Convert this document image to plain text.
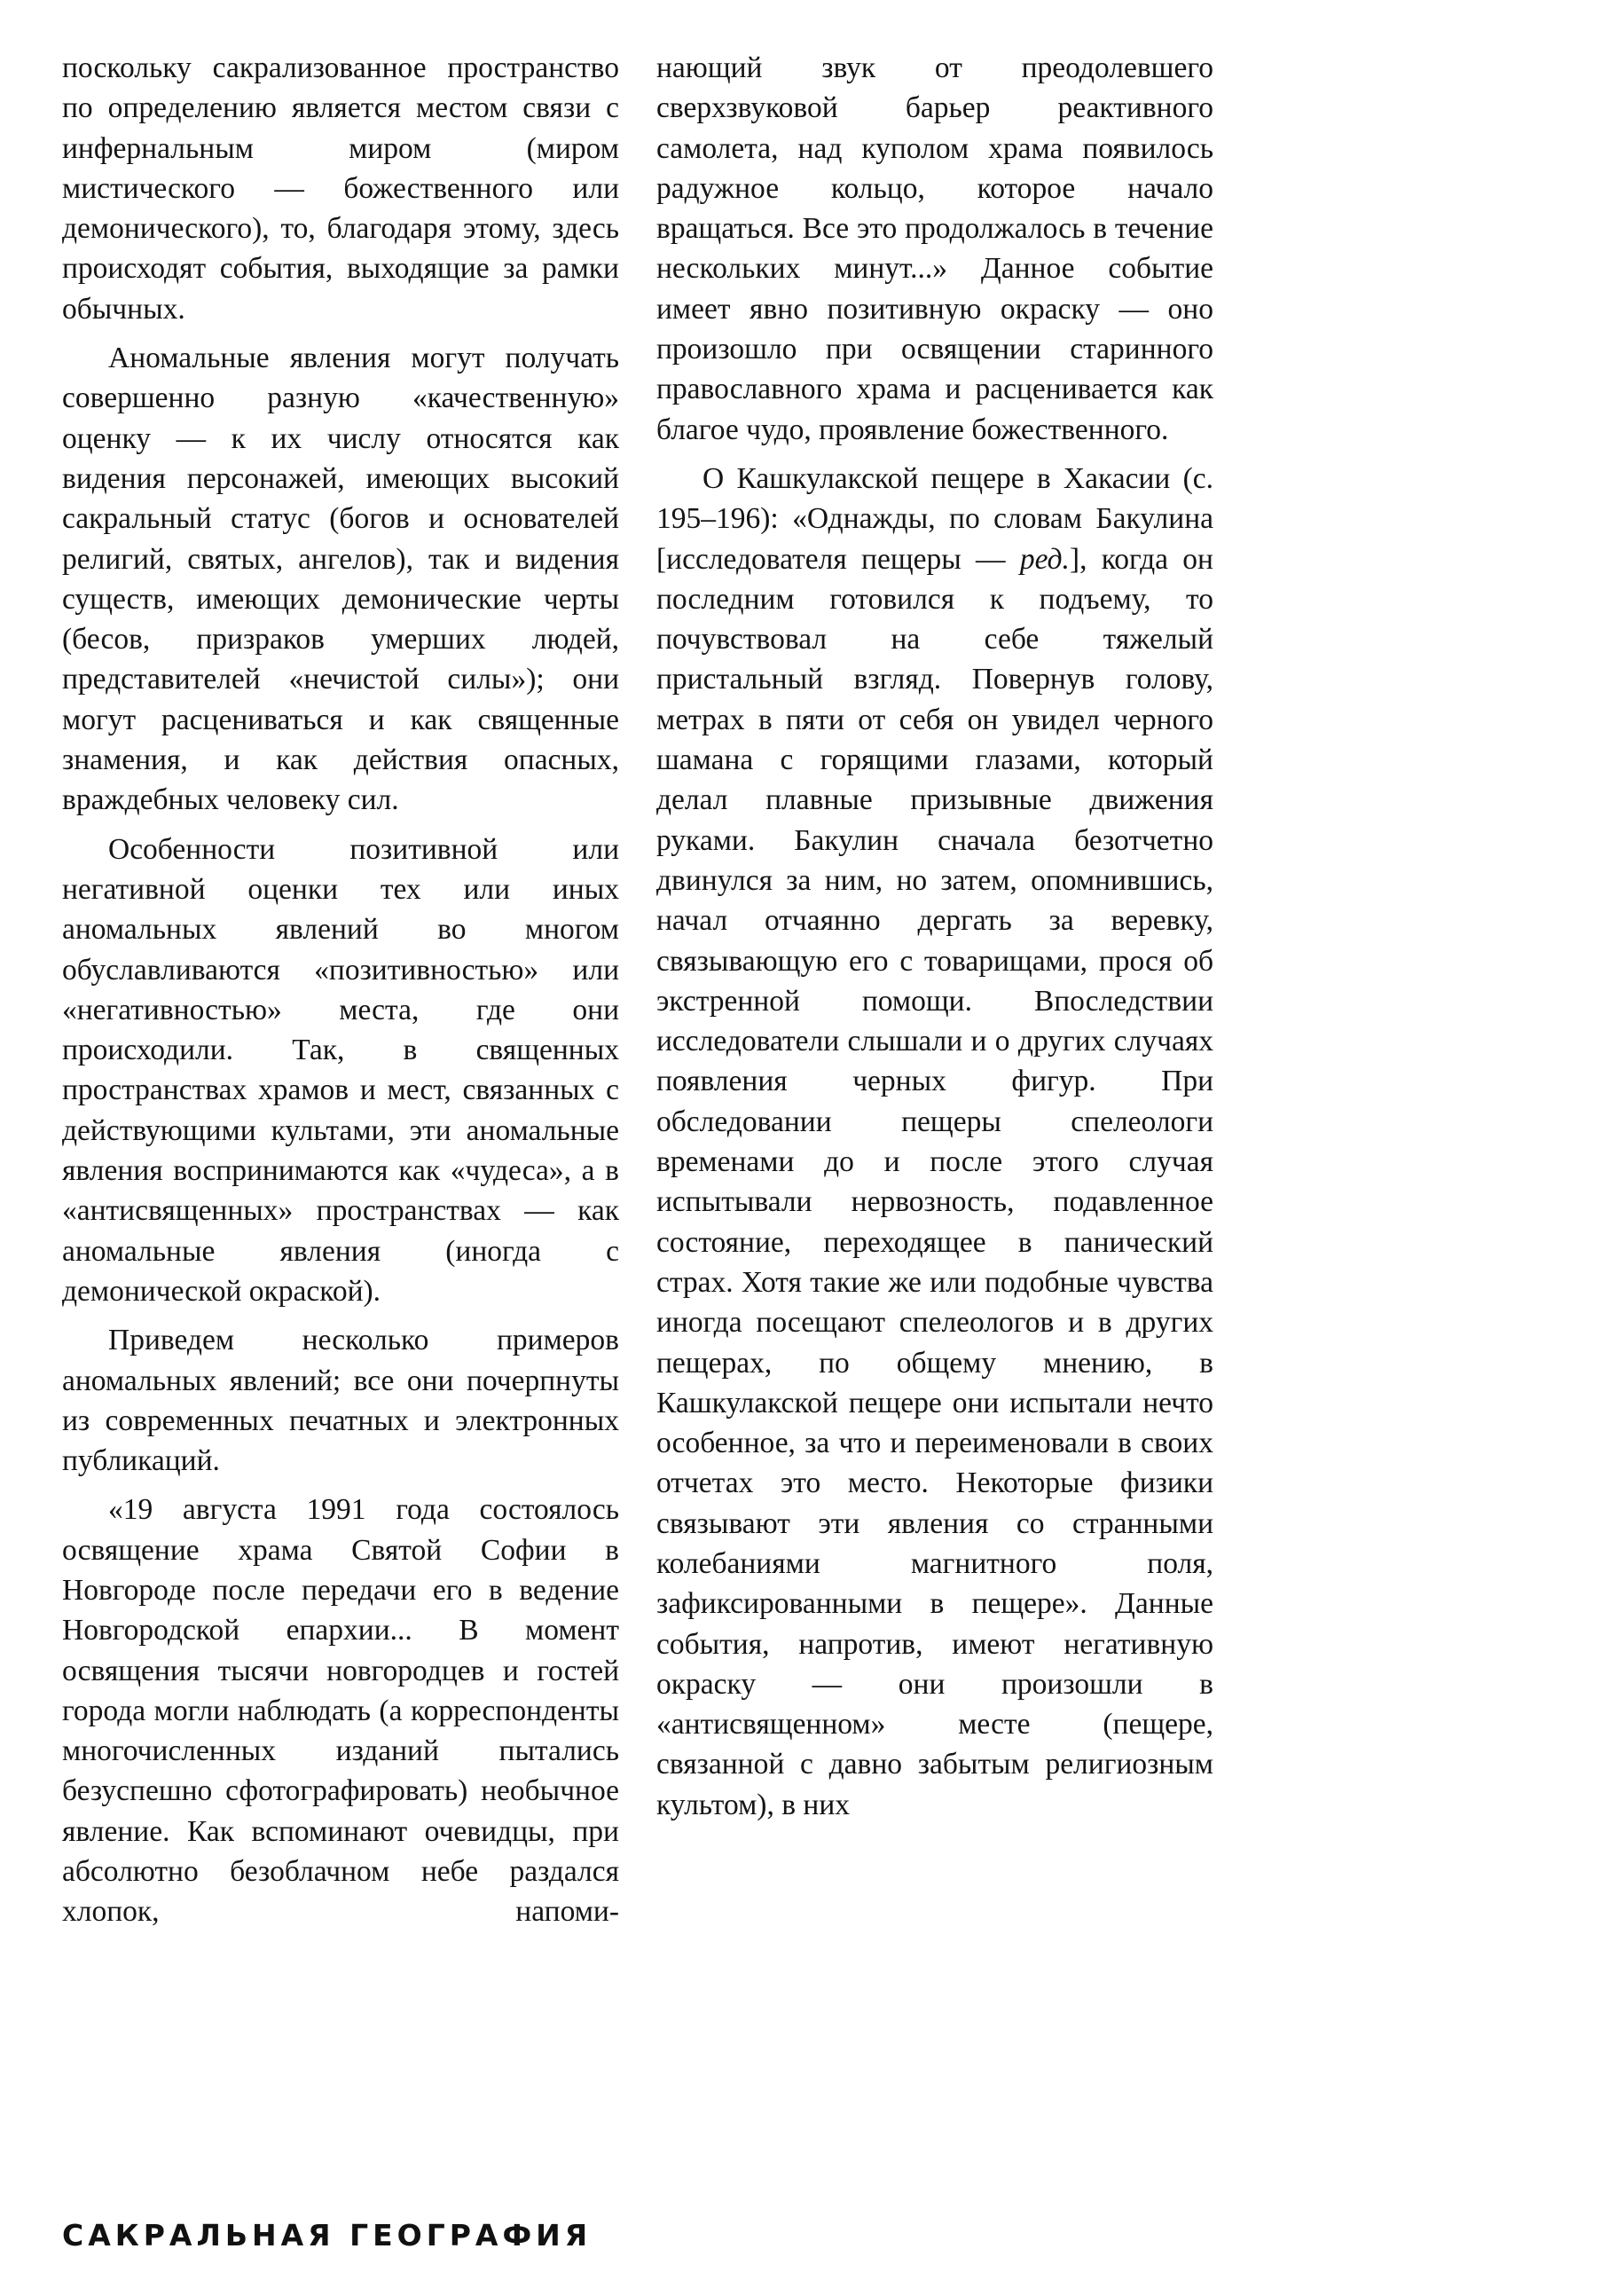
поскольку сакрализованное пространство по определению является местом связи с инфернальным миром (миром мистического — божественного или демонического), то, благодаря этому, здесь происходят события, выходящие за рамки обычных.

Аномальные явления могут получать совершенно разную «качественную» оценку — к их числу относятся как видения персонажей, имеющих высокий сакральный статус (богов и основателей религий, святых, ангелов), так и видения существ, имеющих демонические черты (бесов, призраков умерших людей, представителей «нечистой силы»); они могут расцениваться и как священные знамения, и как действия опасных, враждебных человеку сил.

Особенности позитивной или негативной оценки тех или иных аномальных явлений во многом обуславливаются «позитивностью» или «негативностью» места, где они происходили. Так, в священных пространствах храмов и мест, связанных с действующими культами, эти аномальные явления воспринимаются как «чудеса», а в «антисвященных» пространствах — как аномальные явления (иногда с демонической окраской).

Приведем несколько примеров аномальных явлений; все они почерпнуты из современных печатных и электронных публикаций.

«19 августа 1991 года состоялось освящение храма Святой Софии в Новгороде после передачи его в ведение Новгородской епархии... В момент освящения тысячи новгородцев и гостей города могли наблюдать (а корреспонденты многочисленных изданий пытались безуспешно сфотографировать) необычное явление. Как вспоминают очевидцы, при абсолютно безоблачном небе раздался хлопок, напоми-

нающий звук от преодолевшего сверхзвуковой барьер реактивного самолета, над куполом храма появилось радужное кольцо, которое начало вращаться. Все это продолжалось в течение нескольких минут...» Данное событие имеет явно позитивную окраску — оно произошло при освящении старинного православного храма и расценивается как благое чудо, проявление божественного.

О Кашкулакской пещере в Хакасии (с. 195–196): «Однажды, по словам Бакулина [исследователя пещеры — ред.], когда он последним готовился к подъему, то почувствовал на себе тяжелый пристальный взгляд. Повернув голову, метрах в пяти от себя он увидел черного шамана с горящими глазами, который делал плавные призывные движения руками. Бакулин сначала безотчетно двинулся за ним, но затем, опомнившись, начал отчаянно дергать за веревку, связывающую его с товарищами, прося об экстренной помощи. Впоследствии исследователи слышали и о других случаях появления черных фигур. При обследовании пещеры спелеологи временами до и после этого случая испытывали нервозность, подавленное состояние, переходящее в панический страх. Хотя такие же или подобные чувства иногда посещают спелеологов и в других пещерах, по общему мнению, в Кашкулакской пещере они испытали нечто особенное, за что и переименовали в своих отчетах это место. Некоторые физики связывают эти явления со странными колебаниями магнитного поля, зафиксированными в пещере». Данные события, напротив, имеют негативную окраску — они произошли в «антисвященном» месте (пещере, связанной с давно забытым религиозным культом), в них

САКРАЛЬНАЯ ГЕОГРАФИЯ
